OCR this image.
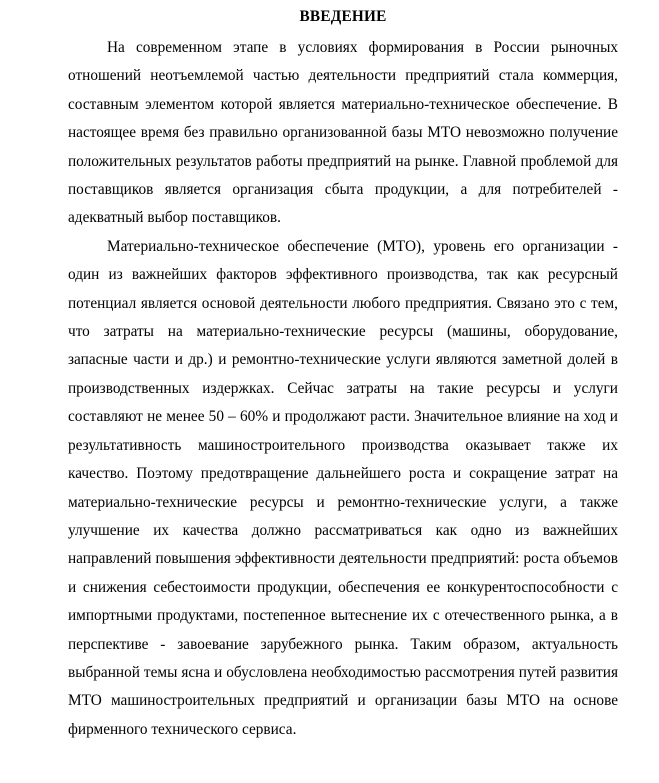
ВВЕДЕНИЕ

На современном этапе в условиях формирования в России рыночных отношений неотъемлемой частью деятельности предприятий стала коммерция, составным элементом которой является материально-техническое обеспечение. В настоящее время без правильно организованной базы МТО невозможно получение положительных результатов работы предприятий на рынке. Главной проблемой для поставщиков является организация сбыта продукции, а для потребителей - адекватный выбор поставщиков.

Материально-техническое обеспечение (МТО), уровень его организации - один из важнейших факторов эффективного производства, так как ресурсный потенциал является основой деятельности любого предприятия. Связано это с тем, что затраты на материально-технические ресурсы (машины, оборудование, запасные части и др.) и ремонтно-технические услуги являются заметной долей в производственных издержках. Сейчас затраты на такие ресурсы и услуги составляют не менее 50 – 60% и продолжают расти. Значительное влияние на ход и результативность машиностроительного производства оказывает также их качество. Поэтому предотвращение дальнейшего роста и сокращение затрат на материально-технические ресурсы и ремонтно-технические услуги, а также улучшение их качества должно рассматриваться как одно из важнейших направлений повышения эффективности деятельности предприятий: роста объемов и снижения себестоимости продукции, обеспечения ее конкурентоспособности с импортными продуктами, постепенное вытеснение их с отечественного рынка, а в перспективе - завоевание зарубежного рынка. Таким образом, актуальность выбранной темы ясна и обусловлена необходимостью рассмотрения путей развития МТО машиностроительных предприятий и организации базы МТО на основе фирменного технического сервиса.
